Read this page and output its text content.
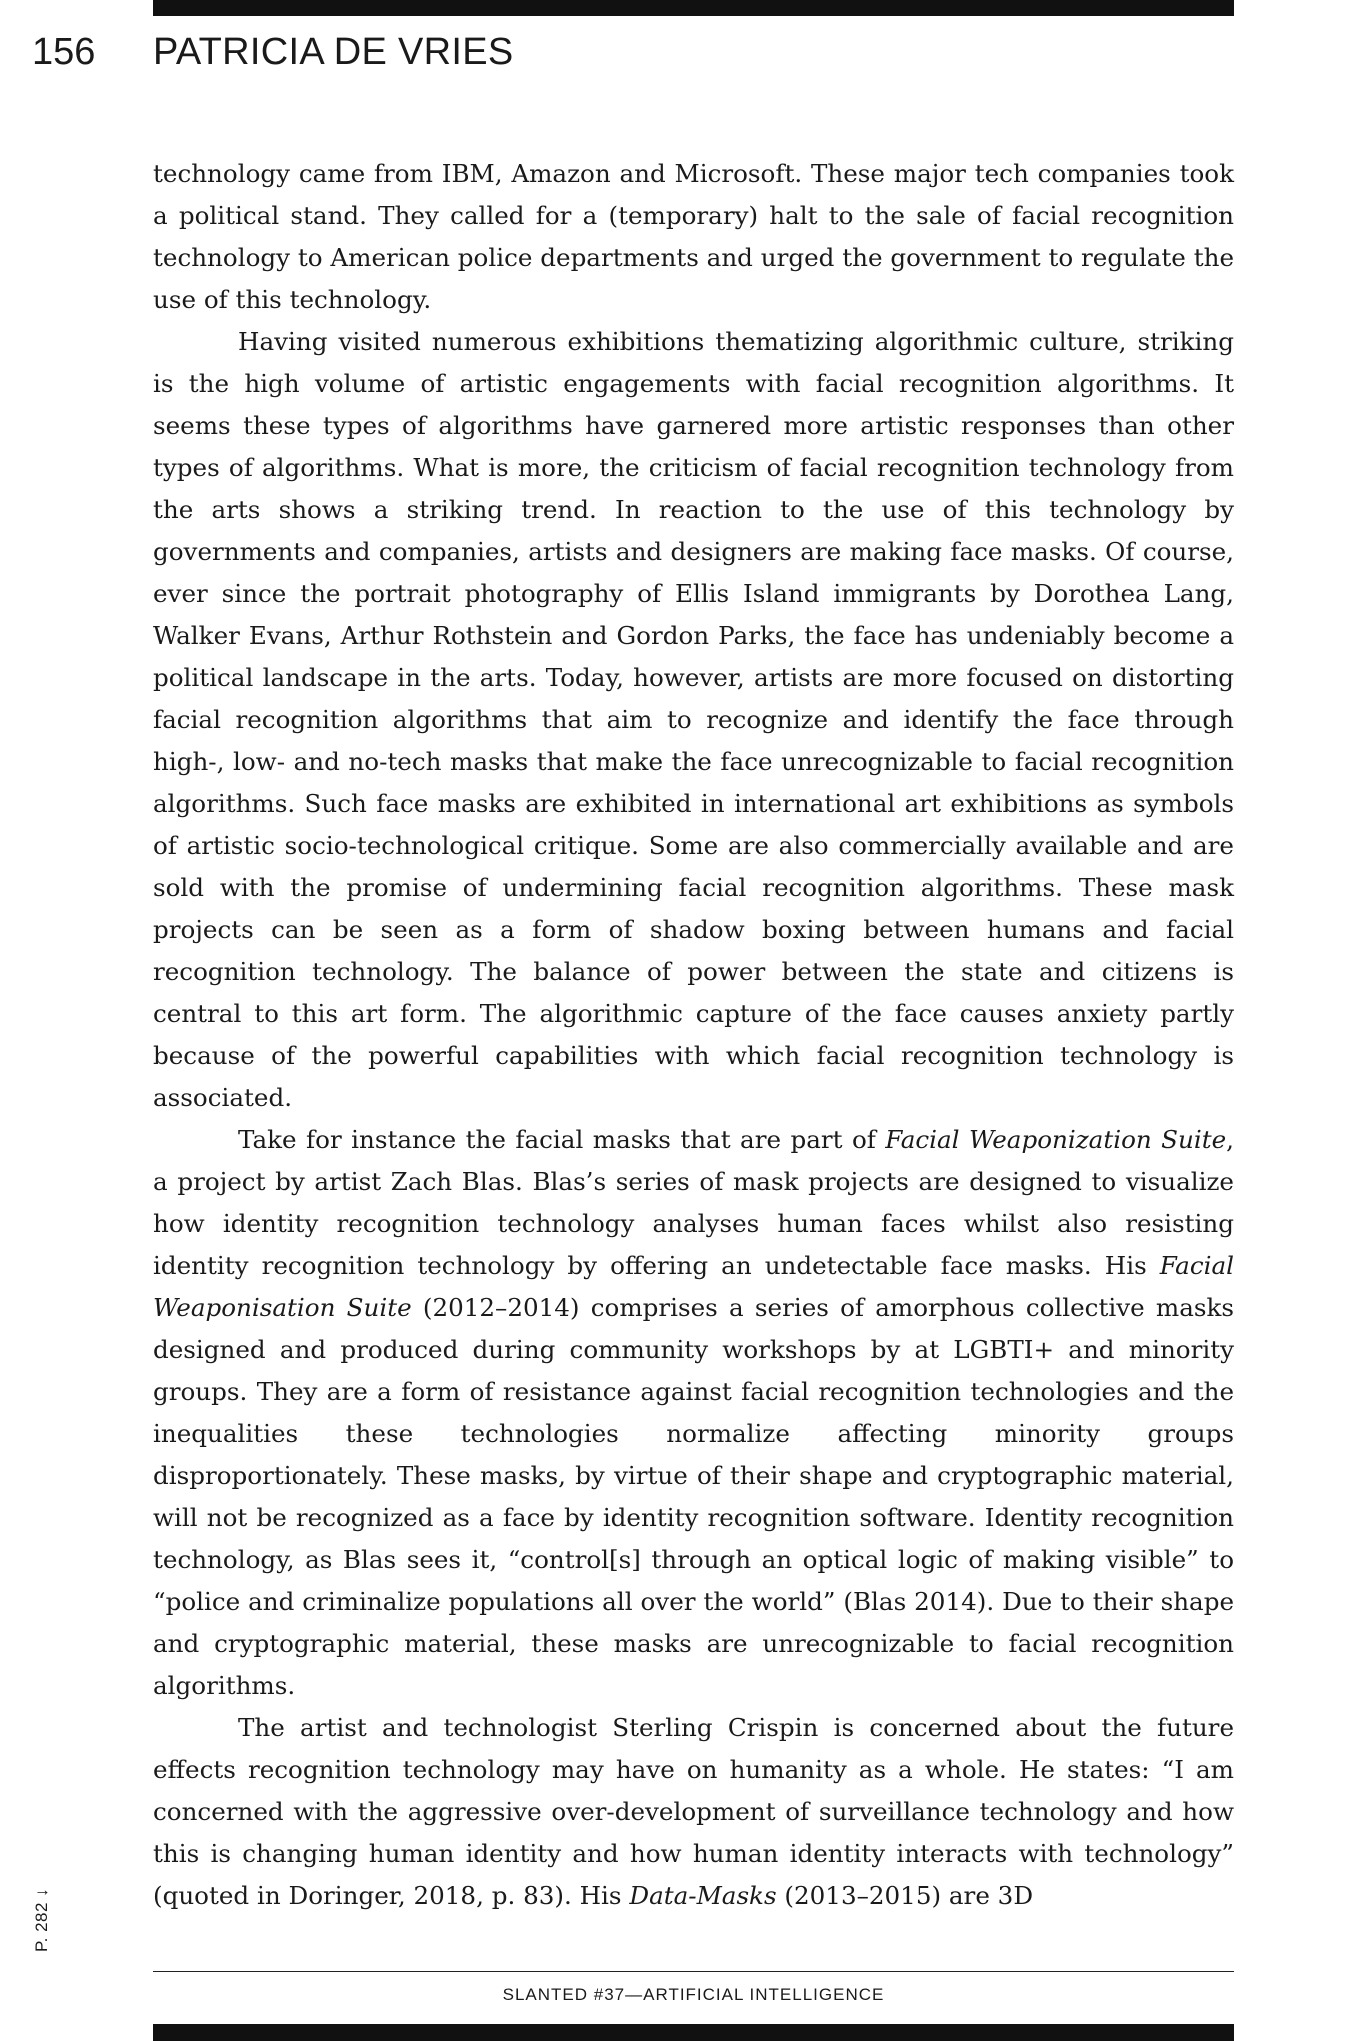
156 PATRICIA DE VRIES

technology came from IBM, Amazon and Microsoft. These major tech companies took a political stand. They called for a (temporary) halt to the sale of facial recognition technology to American police departments and urged the government to regulate the use of this technology.

Having visited numerous exhibitions thematizing algorithmic culture, striking is the high volume of artistic engagements with facial recognition algorithms. It seems these types of algorithms have garnered more artistic responses than other types of algorithms. What is more, the criticism of facial recognition technology from the arts shows a striking trend. In reaction to the use of this technology by governments and companies, artists and designers are making face masks. Of course, ever since the portrait photography of Ellis Island immigrants by Dorothea Lang, Walker Evans, Arthur Rothstein and Gordon Parks, the face has undeniably become a political landscape in the arts. Today, however, artists are more focused on distorting facial recognition algorithms that aim to recognize and identify the face through high-, low- and no-tech masks that make the face unrecognizable to facial recognition algorithms. Such face masks are exhibited in international art exhibitions as symbols of artistic socio-technological critique. Some are also commercially available and are sold with the promise of undermining facial recognition algorithms. These mask projects can be seen as a form of shadow boxing between humans and facial recognition technology. The balance of power between the state and citizens is central to this art form. The algorithmic capture of the face causes anxiety partly because of the powerful capabilities with which facial recognition technology is associated.

Take for instance the facial masks that are part of Facial Weaponization Suite, a project by artist Zach Blas. Blas’s series of mask projects are designed to visualize how identity recognition technology analyses human faces whilst also resisting identity recognition technology by offering an undetectable face masks. His Facial Weaponisation Suite (2012–2014) comprises a series of amorphous collective masks designed and produced during community workshops by at LGBTI+ and minority groups. They are a form of resistance against facial recognition technologies and the inequalities these technologies normalize affecting minority groups disproportionately. These masks, by virtue of their shape and cryptographic material, will not be recognized as a face by identity recognition software. Identity recognition technology, as Blas sees it, “control[s] through an optical logic of making visible” to “police and criminalize populations all over the world” (Blas 2014). Due to their shape and cryptographic material, these masks are unrecognizable to facial recognition algorithms.

The artist and technologist Sterling Crispin is concerned about the future effects recognition technology may have on humanity as a whole. He states: “I am concerned with the aggressive over-development of surveillance technology and how this is changing human identity and how human identity interacts with technology” (quoted in Doringer, 2018, p. 83). His Data-Masks (2013–2015) are 3D

P. 282 ↓
SLANTED #37—ARTIFICIAL INTELLIGENCE
